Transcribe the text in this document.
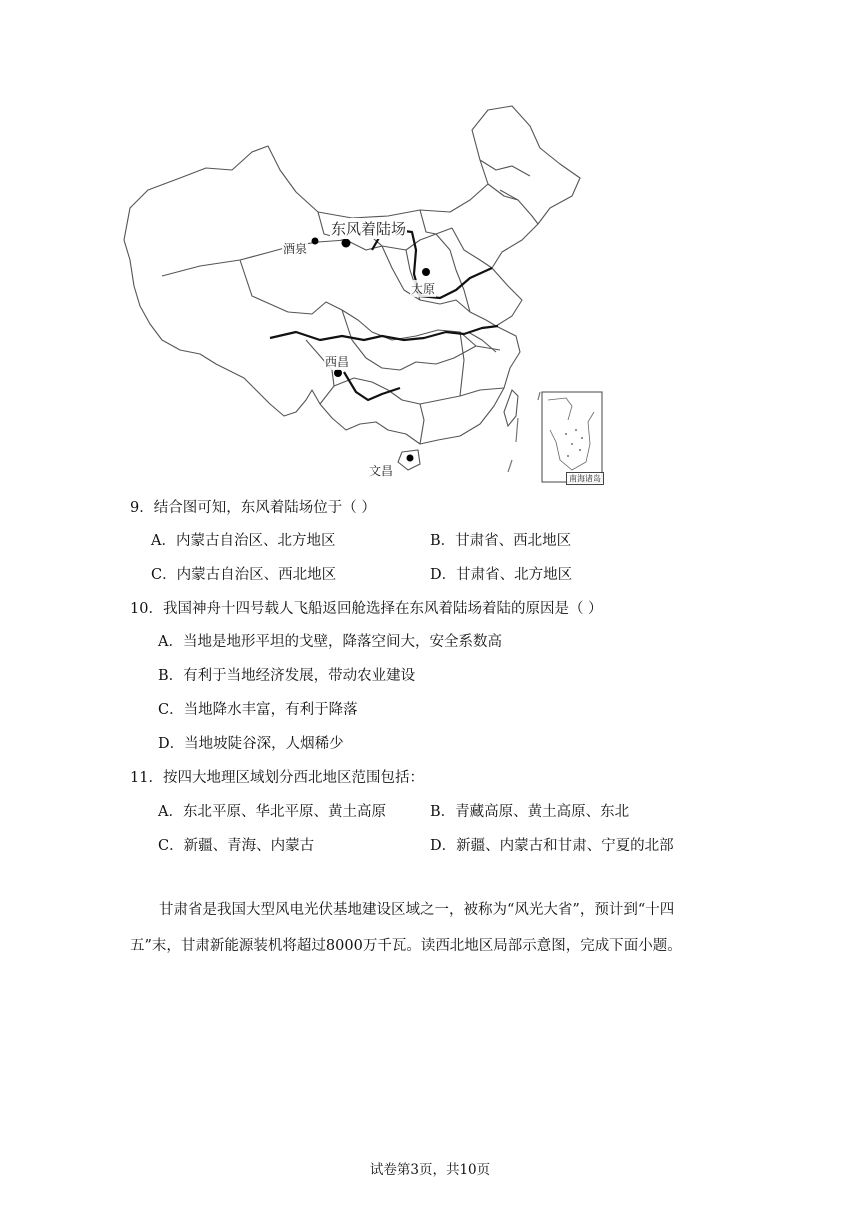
东风着陆场
酒泉
太原
西昌
文昌
南海诸岛
9．结合图可知，东风着陆场位于（ ）
A．内蒙古自治区、北方地区	B．甘肃省、西北地区
C．内蒙古自治区、西北地区	D．甘肃省、北方地区
10．我国神舟十四号载人飞船返回舱选择在东风着陆场着陆的原因是（ ）
A．当地是地形平坦的戈壁，降落空间大，安全系数高
B．有利于当地经济发展，带动农业建设
C．当地降水丰富，有利于降落
D．当地坡陡谷深，人烟稀少
11．按四大地理区域划分西北地区范围包括：
A．东北平原、华北平原、黄土高原	B．青藏高原、黄土高原、东北
C．新疆、青海、内蒙古	D．新疆、内蒙古和甘肃、宁夏的北部

甘肃省是我国大型风电光伏基地建设区域之一，被称为“风光大省”，预计到“十四

五”末，甘肃新能源装机将超过8000万千瓦。读西北地区局部示意图，完成下面小题。

试卷第3页，共10页
